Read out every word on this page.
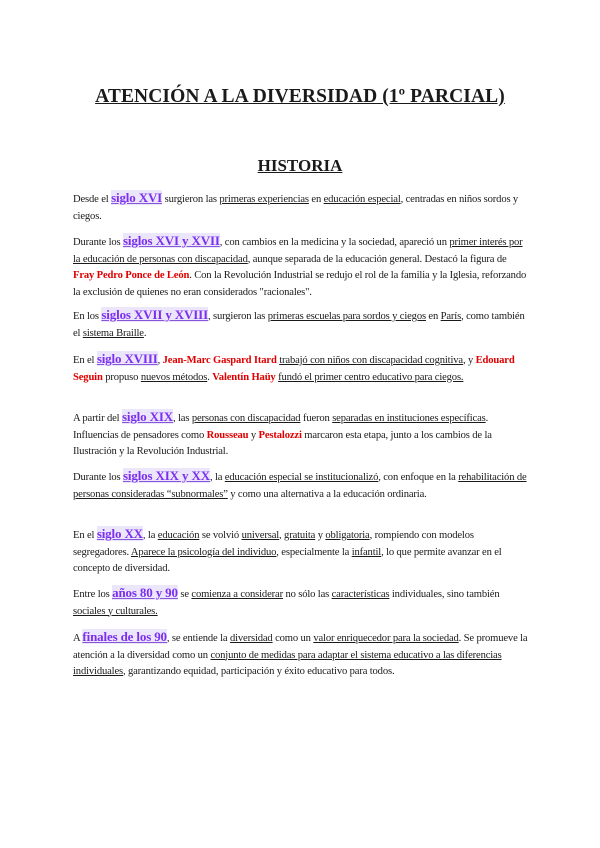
ATENCIÓN A LA DIVERSIDAD (1º PARCIAL)
HISTORIA
Desde el siglo XVI surgieron las primeras experiencias en educación especial, centradas en niños sordos y ciegos.
Durante los siglos XVI y XVII, con cambios en la medicina y la sociedad, apareció un primer interés por la educación de personas con discapacidad, aunque separada de la educación general. Destacó la figura de Fray Pedro Ponce de León. Con la Revolución Industrial se redujo el rol de la familia y la Iglesia, reforzando la exclusión de quienes no eran considerados "racionales".
En los siglos XVII y XVIII, surgieron las primeras escuelas para sordos y ciegos en París, como también el sistema Braille.
En el siglo XVIII, Jean-Marc Gaspard Itard trabajó con niños con discapacidad cognitiva, y Edouard Seguin propuso nuevos métodos. Valentín Haüy fundó el primer centro educativo para ciegos.
A partir del siglo XIX, las personas con discapacidad fueron separadas en instituciones específicas. Influencias de pensadores como Rousseau y Pestalozzi marcaron esta etapa, junto a los cambios de la Ilustración y la Revolución Industrial.
Durante los siglos XIX y XX, la educación especial se institucionalizó, con enfoque en la rehabilitación de personas consideradas “subnormales” y como una alternativa a la educación ordinaria.
En el siglo XX, la educación se volvió universal, gratuita y obligatoria, rompiendo con modelos segregadores. Aparece la psicología del individuo, especialmente la infantil, lo que permite avanzar en el concepto de diversidad.
Entre los años 80 y 90 se comienza a considerar no sólo las características individuales, sino también sociales y culturales.
A finales de los 90, se entiende la diversidad como un valor enriquecedor para la sociedad. Se promueve la atención a la diversidad como un conjunto de medidas para adaptar el sistema educativo a las diferencias individuales, garantizando equidad, participación y éxito educativo para todos.
